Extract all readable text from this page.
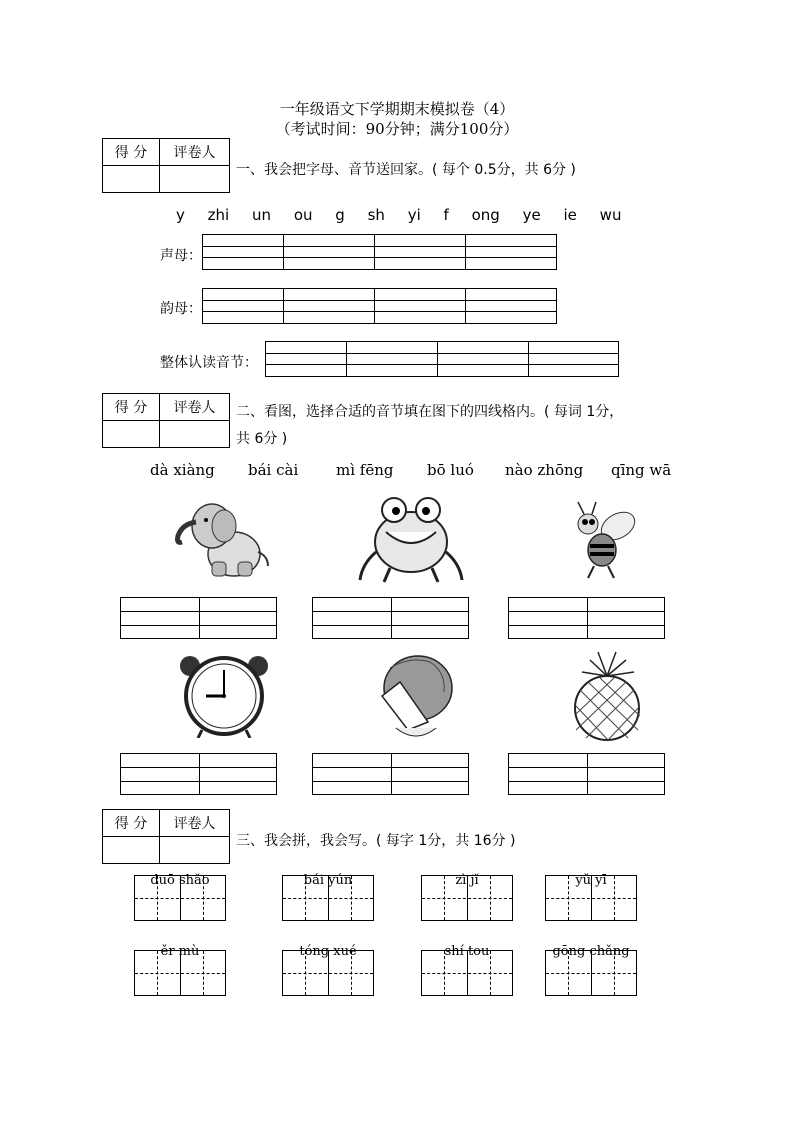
一年级语文下学期期末模拟卷（4）
（考试时间：90分钟；满分100分）
得 分	评卷人

一、我会把字母、音节送回家。( 每个 0.5分，共 6分 )
y zhi un ou g sh yi f ong ye ie wu
声母：
韵母：
整体认读音节：
得 分	评卷人
	二、看图，选择合适的音节填在图下的四线格内。( 每词 1分，
共 6分 )
dà xiàng bái cài	mì fēng bō luó nào zhōng qīng wā
得 分	评卷人

三、我会拼，我会写。( 每字 1分，共 16分 )
duō shǎo	bái yún	zì jǐ	yǔ yī
ěr mù	tóng xué	shí tou	gōng chǎng
